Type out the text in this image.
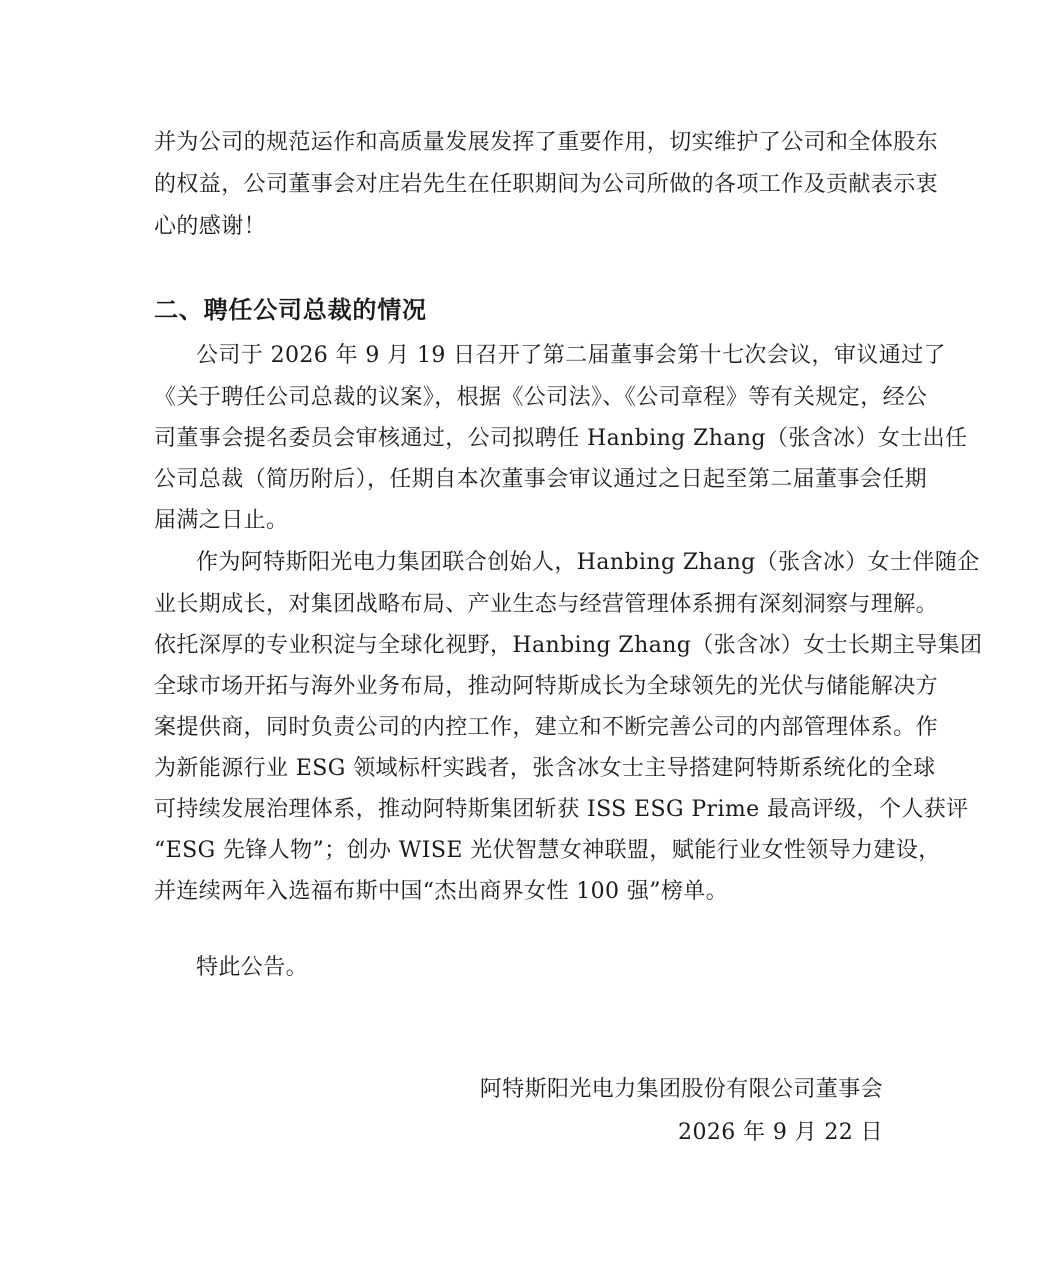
并为公司的规范运作和高质量发展发挥了重要作用，切实维护了公司和全体股东
的权益，公司董事会对庄岩先生在任职期间为公司所做的各项工作及贡献表示衷
心的感谢！
二、聘任公司总裁的情况
公司于 2026 年 9 月 19 日召开了第二届董事会第十七次会议，审议通过了
《关于聘任公司总裁的议案》，根据《公司法》、《公司章程》等有关规定，经公
司董事会提名委员会审核通过，公司拟聘任 Hanbing Zhang（张含冰）女士出任
公司总裁（简历附后），任期自本次董事会审议通过之日起至第二届董事会任期
届满之日止。
作为阿特斯阳光电力集团联合创始人，Hanbing Zhang（张含冰）女士伴随企
业长期成长，对集团战略布局、产业生态与经营管理体系拥有深刻洞察与理解。
依托深厚的专业积淀与全球化视野，Hanbing Zhang（张含冰）女士长期主导集团
全球市场开拓与海外业务布局，推动阿特斯成长为全球领先的光伏与储能解决方
案提供商，同时负责公司的内控工作，建立和不断完善公司的内部管理体系。作
为新能源行业 ESG 领域标杆实践者，张含冰女士主导搭建阿特斯系统化的全球
可持续发展治理体系，推动阿特斯集团斩获 ISS ESG Prime 最高评级，个人获评
“ESG 先锋人物”；创办 WISE 光伏智慧女神联盟，赋能行业女性领导力建设，
并连续两年入选福布斯中国“杰出商界女性 100 强”榜单。
特此公告。
阿特斯阳光电力集团股份有限公司董事会
2026 年 9 月 22 日
